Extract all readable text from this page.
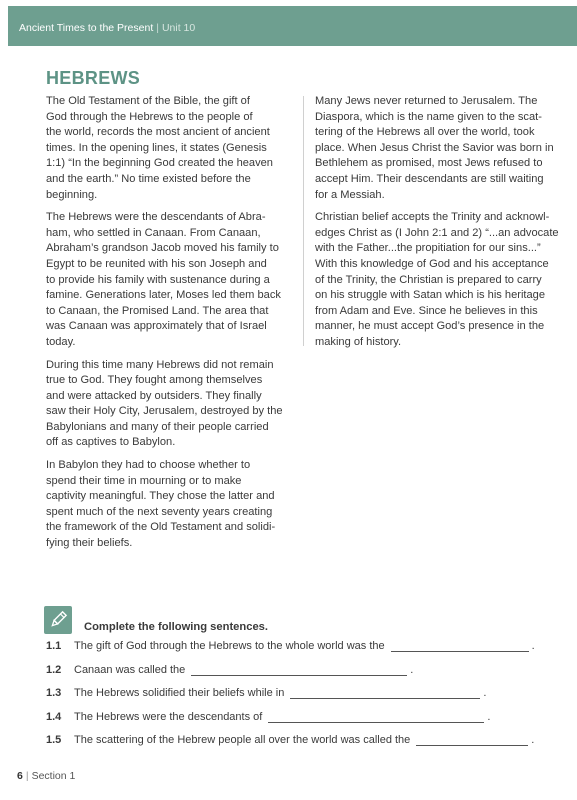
Ancient Times to the Present | Unit 10
HEBREWS

The Old Testament of the Bible, the gift of
God through the Hebrews to the people of
the world, records the most ancient of ancient
times. In the opening lines, it states (Genesis
1:1) “In the beginning God created the heaven
and the earth.” No time existed before the
beginning.

The Hebrews were the descendants of Abra-
ham, who settled in Canaan. From Canaan,
Abraham’s grandson Jacob moved his family to
Egypt to be reunited with his son Joseph and
to provide his family with sustenance during a
famine. Generations later, Moses led them back
to Canaan, the Promised Land. The area that
was Canaan was approximately that of Israel
today.

During this time many Hebrews did not remain
true to God. They fought among themselves
and were attacked by outsiders. They finally
saw their Holy City, Jerusalem, destroyed by the
Babylonians and many of their people carried
off as captives to Babylon.

In Babylon they had to choose whether to
spend their time in mourning or to make
captivity meaningful. They chose the latter and
spent much of the next seventy years creating
the framework of the Old Testament and solidi-
fying their beliefs.

Many Jews never returned to Jerusalem. The
Diaspora, which is the name given to the scat-
tering of the Hebrews all over the world, took
place. When Jesus Christ the Savior was born in
Bethlehem as promised, most Jews refused to
accept Him. Their descendants are still waiting
for a Messiah.

Christian belief accepts the Trinity and acknowl-
edges Christ as (I John 2:1 and 2) “...an advocate
with the Father...the propitiation for our sins...”
With this knowledge of God and his acceptance
of the Trinity, the Christian is prepared to carry
on his struggle with Satan which is his heritage
from Adam and Eve. Since he believes in this
manner, he must accept God’s presence in the
making of history.

Complete the following sentences.
1.1	The gift of God through the Hebrews to the whole world was the	.
1.2	Canaan was called the	.
1.3	The Hebrews solidified their beliefs while in	.
1.4	The Hebrews were the descendants of	.
1.5	The scattering of the Hebrew people all over the world was called the	.
6 | Section 1
